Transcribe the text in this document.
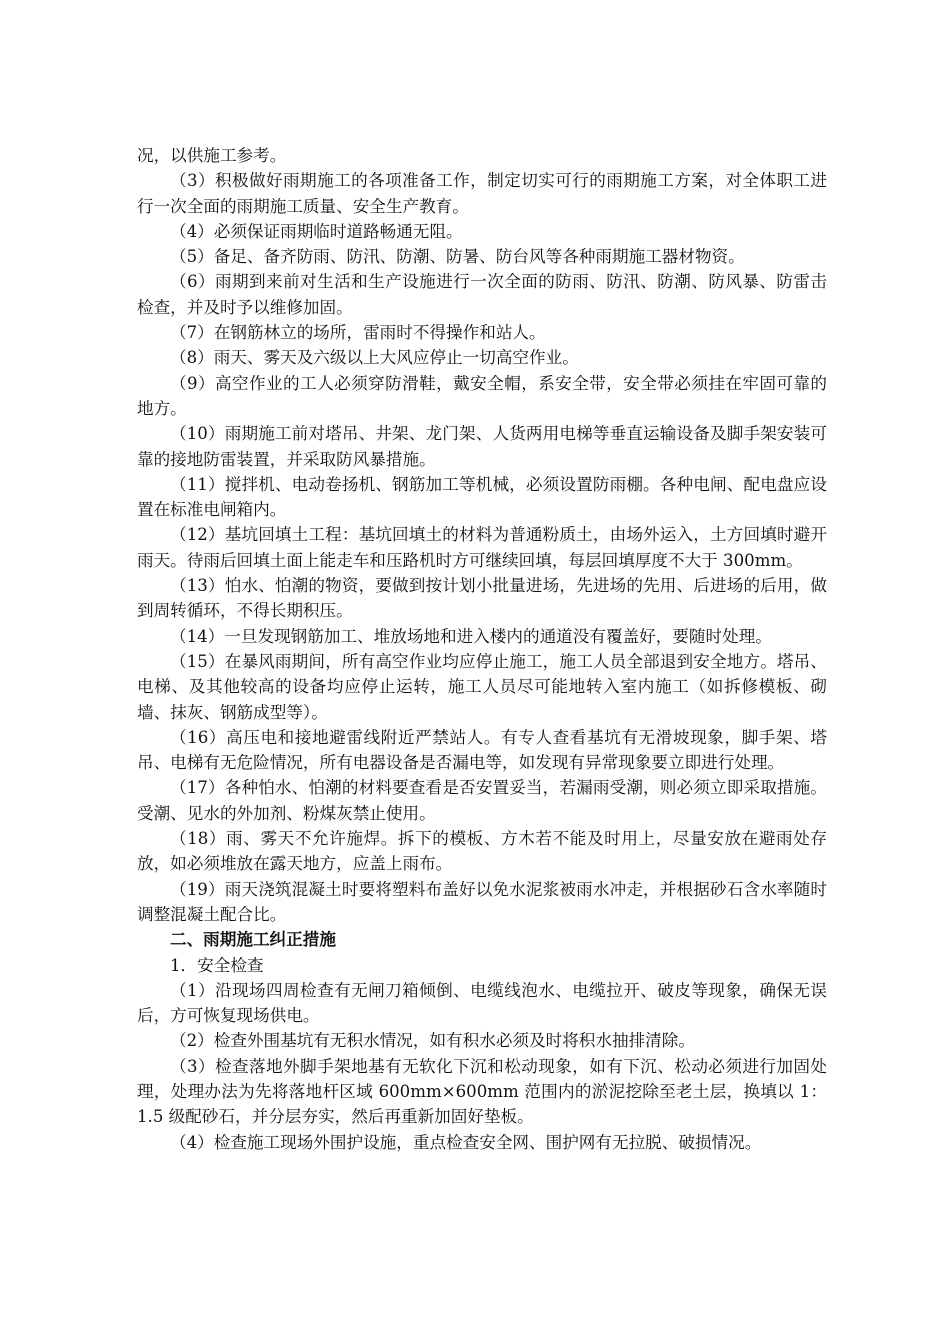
况，以供施工参考。

（3）积极做好雨期施工的各项准备工作，制定切实可行的雨期施工方案，对全体职工进行一次全面的雨期施工质量、安全生产教育。

（4）必须保证雨期临时道路畅通无阻。

（5）备足、备齐防雨、防汛、防潮、防暑、防台风等各种雨期施工器材物资。

（6）雨期到来前对生活和生产设施进行一次全面的防雨、防汛、防潮、防风暴、防雷击检查，并及时予以维修加固。

（7）在钢筋林立的场所，雷雨时不得操作和站人。

（8）雨天、雾天及六级以上大风应停止一切高空作业。

（9）高空作业的工人必须穿防滑鞋，戴安全帽，系安全带，安全带必须挂在牢固可靠的地方。

（10）雨期施工前对塔吊、井架、龙门架、人货两用电梯等垂直运输设备及脚手架安装可靠的接地防雷装置，并采取防风暴措施。

（11）搅拌机、电动卷扬机、钢筋加工等机械，必须设置防雨棚。各种电闸、配电盘应设置在标准电闸箱内。

（12）基坑回填土工程：基坑回填土的材料为普通粉质土，由场外运入，土方回填时避开雨天。待雨后回填土面上能走车和压路机时方可继续回填，每层回填厚度不大于 300mm。

（13）怕水、怕潮的物资，要做到按计划小批量进场，先进场的先用、后进场的后用，做到周转循环，不得长期积压。

（14）一旦发现钢筋加工、堆放场地和进入楼内的通道没有覆盖好，要随时处理。

（15）在暴风雨期间，所有高空作业均应停止施工，施工人员全部退到安全地方。塔吊、电梯、及其他较高的设备均应停止运转，施工人员尽可能地转入室内施工（如拆修模板、砌墙、抹灰、钢筋成型等）。

（16）高压电和接地避雷线附近严禁站人。有专人查看基坑有无滑坡现象，脚手架、塔吊、电梯有无危险情况，所有电器设备是否漏电等，如发现有异常现象要立即进行处理。

（17）各种怕水、怕潮的材料要查看是否安置妥当，若漏雨受潮，则必须立即采取措施。受潮、见水的外加剂、粉煤灰禁止使用。

（18）雨、雾天不允许施焊。拆下的模板、方木若不能及时用上，尽量安放在避雨处存放，如必须堆放在露天地方，应盖上雨布。

（19）雨天浇筑混凝土时要将塑料布盖好以免水泥浆被雨水冲走，并根据砂石含水率随时调整混凝土配合比。

二、雨期施工纠正措施

1．安全检查

（1）沿现场四周检查有无闸刀箱倾倒、电缆线泡水、电缆拉开、破皮等现象，确保无误后，方可恢复现场供电。

（2）检查外围基坑有无积水情况，如有积水必须及时将积水抽排清除。

（3）检查落地外脚手架地基有无软化下沉和松动现象，如有下沉、松动必须进行加固处理，处理办法为先将落地杆区域 600mm×600mm 范围内的淤泥挖除至老土层，换填以 1：1.5 级配砂石，并分层夯实，然后再重新加固好垫板。

（4）检查施工现场外围护设施，重点检查安全网、围护网有无拉脱、破损情况。
